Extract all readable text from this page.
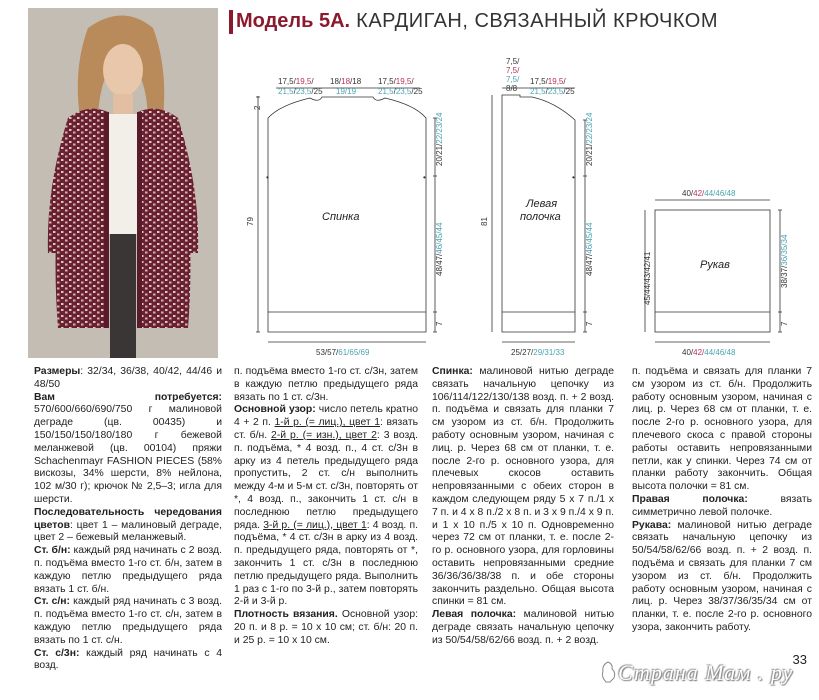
Модель 5А. КАРДИГАН, СВЯЗАННЫЙ КРЮЧКОМ
•	•	•
17,5/19,5/
21,5/23,5/25
18/18/18
19/19
17,5/19,5/
21,5/23,5/25
2
79
20/21/22/23/24
48/47/46/45/44
7
53/57/61/65/69
Спинка
7,5/
7,5/
7,5/
8/8
17,5/19,5/
21,5/23,5/25
81
20/21/22/23/24
48/47/46/45/44
7
25/27/29/31/33
Левая
полочка
40/42/44/46/48
45/44/43/42/41	38/37/36/35/34
7
40/42/44/46/48
Рукав

Размеры: 32/34, 36/38, 40/42, 44/46 и 48/50

Вам потребуется: 570/600/660/690/750 г малиновой деграде (цв. 00435) и 150/150/150/180/180 г бежевой меланжевой (цв. 00104) пряжи Schachenmayr FASHION PIECES (58% вискозы, 34% шерсти, 8% нейлона, 102 м/30 г); крючок № 2,5–3; игла для шерсти.

Последовательность чередования цветов: цвет 1 – малиновый деграде, цвет 2 – бежевый меланжевый.

Ст. б/н: каждый ряд начинать с 2 возд. п. подъёма вместо 1-го ст. б/н, затем в каждую петлю предыдущего ряда вязать 1 ст. б/н.

Ст. с/н: каждый ряд начинать с 3 возд. п. подъёма вместо 1-го ст. с/н, затем в каждую петлю предыдущего ряда вязать по 1 ст. с/н.

Ст. с/3н: каждый ряд начинать с 4 возд.

п. подъёма вместо 1-го ст. с/3н, затем в каждую петлю предыдущего ряда вязать по 1 ст. с/3н.

Основной узор: число петель кратно 4 + 2 п. 1-й р. (= лиц.), цвет 1: вязать ст. б/н. 2-й р. (= изн.), цвет 2: 3 возд. п. подъёма, * 4 возд. п., 4 ст. с/3н в арку из 4 петель предыдущего ряда пропустить, 2 ст. с/н выполнить между 4-м и 5-м ст. с/3н, повторять от *, 4 возд. п., закончить 1 ст. с/н в последнюю петлю предыдущего ряда. 3-й р. (= лиц.), цвет 1: 4 возд. п. подъёма, * 4 ст. с/3н в арку из 4 возд. п. предыдущего ряда, повторять от *, закончить 1 ст. с/3н в последнюю петлю предыдущего ряда. Выполнить 1 раз с 1-го по 3-й р., затем повторять 2-й и 3-й р.

Плотность вязания. Основной узор: 20 п. и 8 р. = 10 х 10 см; ст. б/н: 20 п. и 25 р. = 10 х 10 см.

Спинка: малиновой нитью деграде связать начальную цепочку из 106/114/122/130/138 возд. п. + 2 возд. п. подъёма и связать для планки 7 см узором из ст. б/н. Продолжить работу основным узором, начиная с лиц. р. Через 68 см от планки, т. е. после 2-го р. основного узора, для плечевых скосов оставить непровязанными с обеих сторон в каждом следующем ряду 5 х 7 п./1 х 7 п. и 4 х 8 п./2 х 8 п. и 3 х 9 п./4 х 9 п. и 1 х 10 п./5 х 10 п. Одновременно через 72 см от планки, т. е. после 2-го р. основного узора, для горловины оставить непровязанными средние 36/36/36/38/38 п. и обе стороны закончить раздельно. Общая высота спинки = 81 см.

Левая полочка: малиновой нитью деграде связать начальную цепочку из 50/54/58/62/66 возд. п. + 2 возд.

п. подъёма и связать для планки 7 см узором из ст. б/н. Продолжить работу основным узором, начиная с лиц. р. Через 68 см от планки, т. е. после 2-го р. основного узора, для плечевого скоса с правой стороны работы оставить непровязанными петли, как у спинки. Через 74 см от планки работу закончить. Общая высота полочки = 81 см.

Правая полочка: вязать симметрично левой полочке.

Рукава: малиновой нитью деграде связать начальную цепочку из 50/54/58/62/66 возд. п. + 2 возд. п. подъёма и связать для планки 7 см узором из ст. б/н. Продолжить работу основным узором, начиная с лиц. р. Через 38/37/36/35/34 см от планки, т. е. после 2-го р. основного узора, закончить работу.

33
Страна Мам . ру
